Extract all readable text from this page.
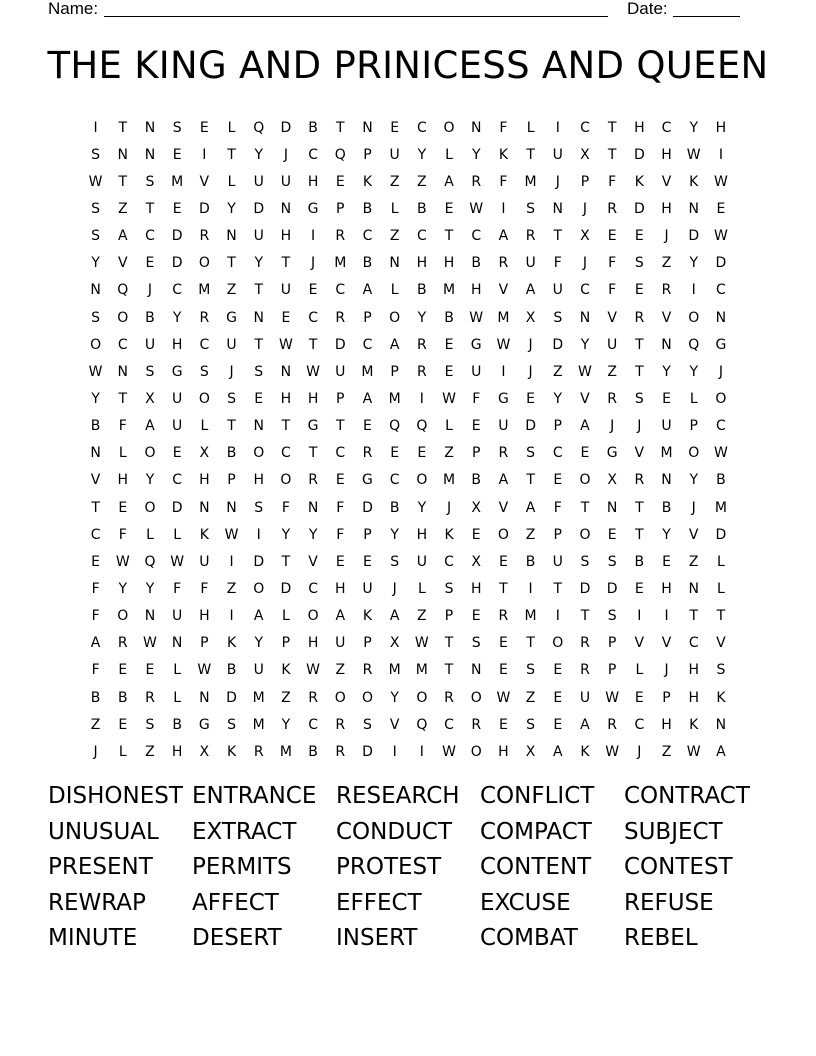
Name:	Date:
THE KING AND PRINICESS AND QUEEN
I	T	N	S	E	L	Q	D	B	T	N	E	C	O	N	F	L	I	C	T	H	C	Y	H
S	N	N	E	I	T	Y	J	C	Q	P	U	Y	L	Y	K	T	U	X	T	D	H	W	I
W	T	S	M	V	L	U	U	H	E	K	Z	Z	A	R	F	M	J	P	F	K	V	K	W
S	Z	T	E	D	Y	D	N	G	P	B	L	B	E	W	I	S	N	J	R	D	H	N	E
S	A	C	D	R	N	U	H	I	R	C	Z	C	T	C	A	R	T	X	E	E	J	D	W
Y	V	E	D	O	T	Y	T	J	M	B	N	H	H	B	R	U	F	J	F	S	Z	Y	D
N	Q	J	C	M	Z	T	U	E	C	A	L	B	M	H	V	A	U	C	F	E	R	I	C
S	O	B	Y	R	G	N	E	C	R	P	O	Y	B	W	M	X	S	N	V	R	V	O	N
O	C	U	H	C	U	T	W	T	D	C	A	R	E	G	W	J	D	Y	U	T	N	Q	G
W	N	S	G	S	J	S	N	W	U	M	P	R	E	U	I	J	Z	W	Z	T	Y	Y	J
Y	T	X	U	O	S	E	H	H	P	A	M	I	W	F	G	E	Y	V	R	S	E	L	O
B	F	A	U	L	T	N	T	G	T	E	Q	Q	L	E	U	D	P	A	J	J	U	P	C
N	L	O	E	X	B	O	C	T	C	R	E	E	Z	P	R	S	C	E	G	V	M	O	W
V	H	Y	C	H	P	H	O	R	E	G	C	O	M	B	A	T	E	O	X	R	N	Y	B
T	E	O	D	N	N	S	F	N	F	D	B	Y	J	X	V	A	F	T	N	T	B	J	M
C	F	L	L	K	W	I	Y	Y	F	P	Y	H	K	E	O	Z	P	O	E	T	Y	V	D
E	W	Q	W	U	I	D	T	V	E	E	S	U	C	X	E	B	U	S	S	B	E	Z	L
F	Y	Y	F	F	Z	O	D	C	H	U	J	L	S	H	T	I	T	D	D	E	H	N	L
F	O	N	U	H	I	A	L	O	A	K	A	Z	P	E	R	M	I	T	S	I	I	T	T
A	R	W	N	P	K	Y	P	H	U	P	X	W	T	S	E	T	O	R	P	V	V	C	V
F	E	E	L	W	B	U	K	W	Z	R	M	M	T	N	E	S	E	R	P	L	J	H	S
B	B	R	L	N	D	M	Z	R	O	O	Y	O	R	O	W	Z	E	U	W	E	P	H	K
Z	E	S	B	G	S	M	Y	C	R	S	V	Q	C	R	E	S	E	A	R	C	H	K	N
J	L	Z	H	X	K	R	M	B	R	D	I	I	W	O	H	X	A	K	W	J	Z	W	A
DISHONEST ENTRANCE RESEARCH CONFLICT	CONTRACT
UNUSUAL	EXTRACT	CONDUCT	COMPACT	SUBJECT
PRESENT	PERMITS	PROTEST	CONTENT	CONTEST
REWRAP	AFFECT	EFFECT	EXCUSE	REFUSE
MINUTE	DESERT	INSERT	COMBAT	REBEL
